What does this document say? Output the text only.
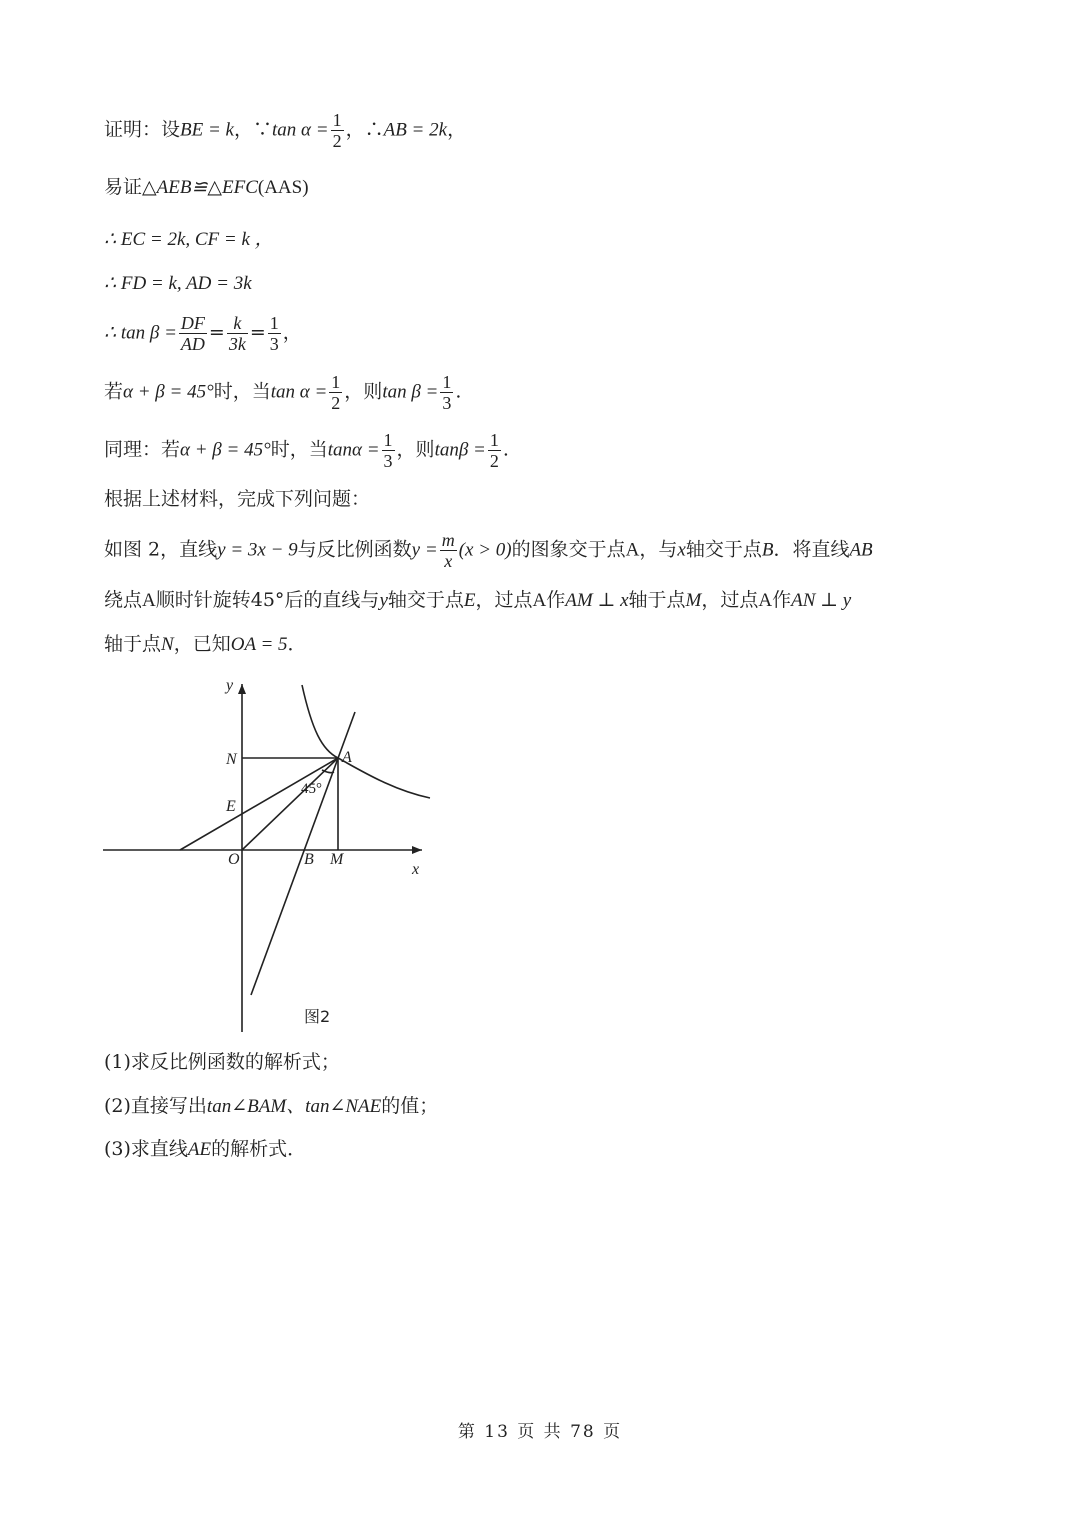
证明：设BE = k，∵tan $\alpha = \frac{1}{2}$ ，∴AB = 2k，
易证△AEB≌△EFC(AAS)
∴ EC = 2k, CF = k ，
∴ FD = k, AD = 3k
∴ $\tan \beta = \frac{DF}{AD} = \frac{k}{3k} = \frac{1}{3}$ ，
若α + β = 45°时，当$\tan \alpha = \frac{1}{2}$ ，则$\tan \beta = \frac{1}{3}$ .
同理：若α + β = 45°时，当$\tan\alpha = \frac{1}{3}$ ，则$\tan\beta = \frac{1}{2}$ .
根据上述材料，完成下列问题：
如图 2，直线y = 3x − 9与反比例函数$y = \frac{m}{x} (x > 0)$的图象交于点A，与x轴交于点B．将直线AB
绕点A顺时针旋转45°后的直线与y轴交于点E，过点A作AM ⊥ x轴于点M，过点A作AN ⊥ y
轴于点N，已知OA = 5．
y
x
N	A
E
O	B M
45°
图2
(1)求反比例函数的解析式；
(2)直接写出tan∠BAM、tan∠NAE的值；
(3)求直线AE的解析式．
第 13 页 共 78 页
